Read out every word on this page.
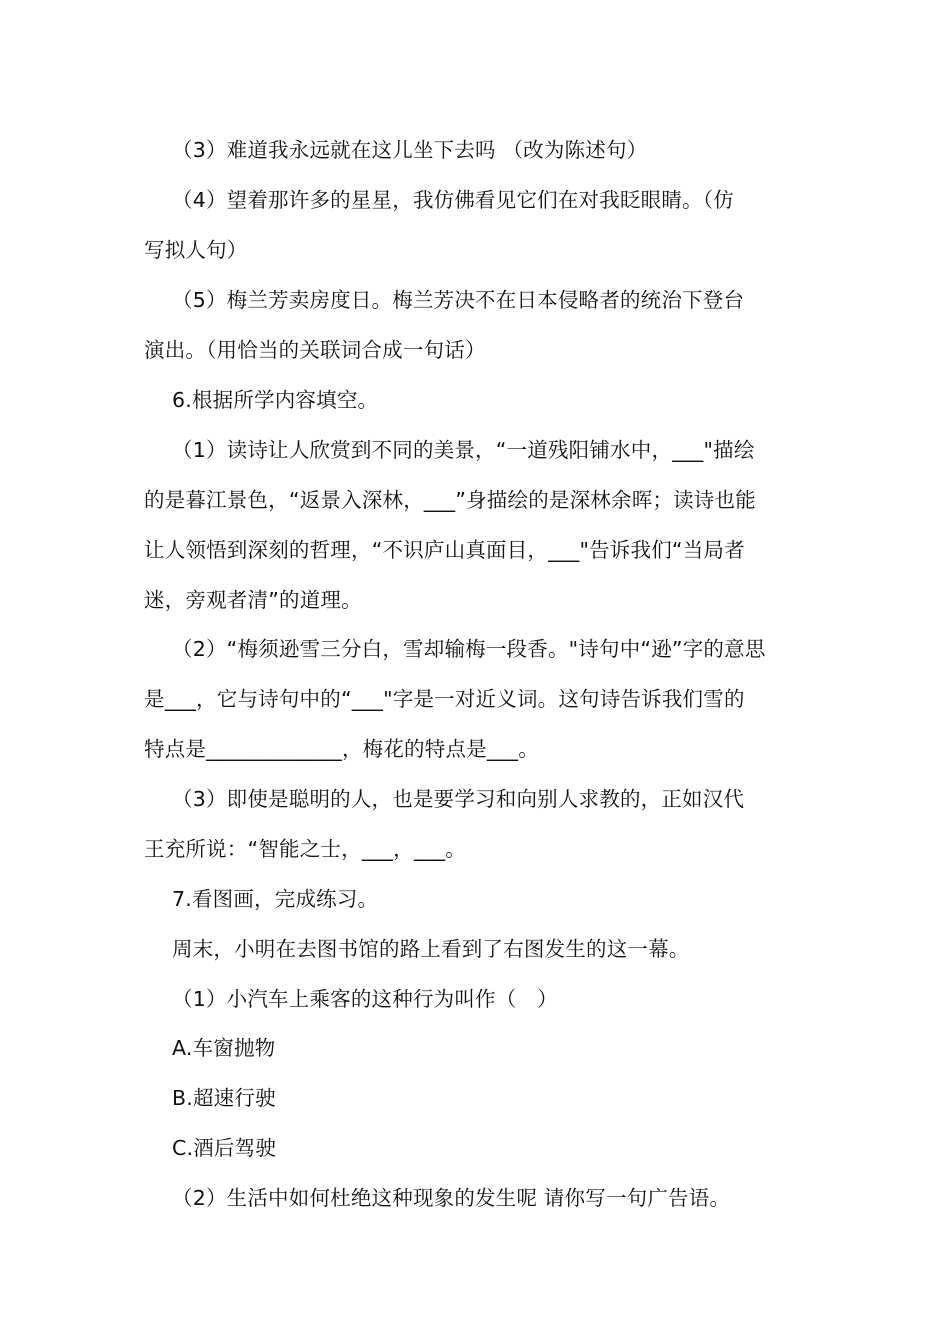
（3）难道我永远就在这儿坐下去吗 （改为陈述句）
（4）望着那许多的星星，我仿佛看见它们在对我眨眼睛。（仿
写拟人句）
（5）梅兰芳卖房度日。梅兰芳决不在日本侵略者的统治下登台
演出。（用恰当的关联词合成一句话）
6.根据所学内容填空。
（1）读诗让人欣赏到不同的美景，“一道残阳铺水中，___"描绘
的是暮江景色，“返景入深林，___”身描绘的是深林余晖；读诗也能
让人领悟到深刻的哲理，“不识庐山真面目，___"告诉我们“当局者
迷，旁观者清”的道理。
（2）“梅须逊雪三分白，雪却输梅一段香。"诗句中“逊”字的意思
是___，它与诗句中的“___"字是一对近义词。这句诗告诉我们雪的
特点是_____________，梅花的特点是___。
（3）即使是聪明的人，也是要学习和向别人求教的，正如汉代
王充所说：“智能之士，___，___。
7.看图画，完成练习。
周末，小明在去图书馆的路上看到了右图发生的这一幕。
（1）小汽车上乘客的这种行为叫作（　）
A.车窗抛物
B.超速行驶
C.酒后驾驶
（2）生活中如何杜绝这种现象的发生呢 请你写一句广告语。
